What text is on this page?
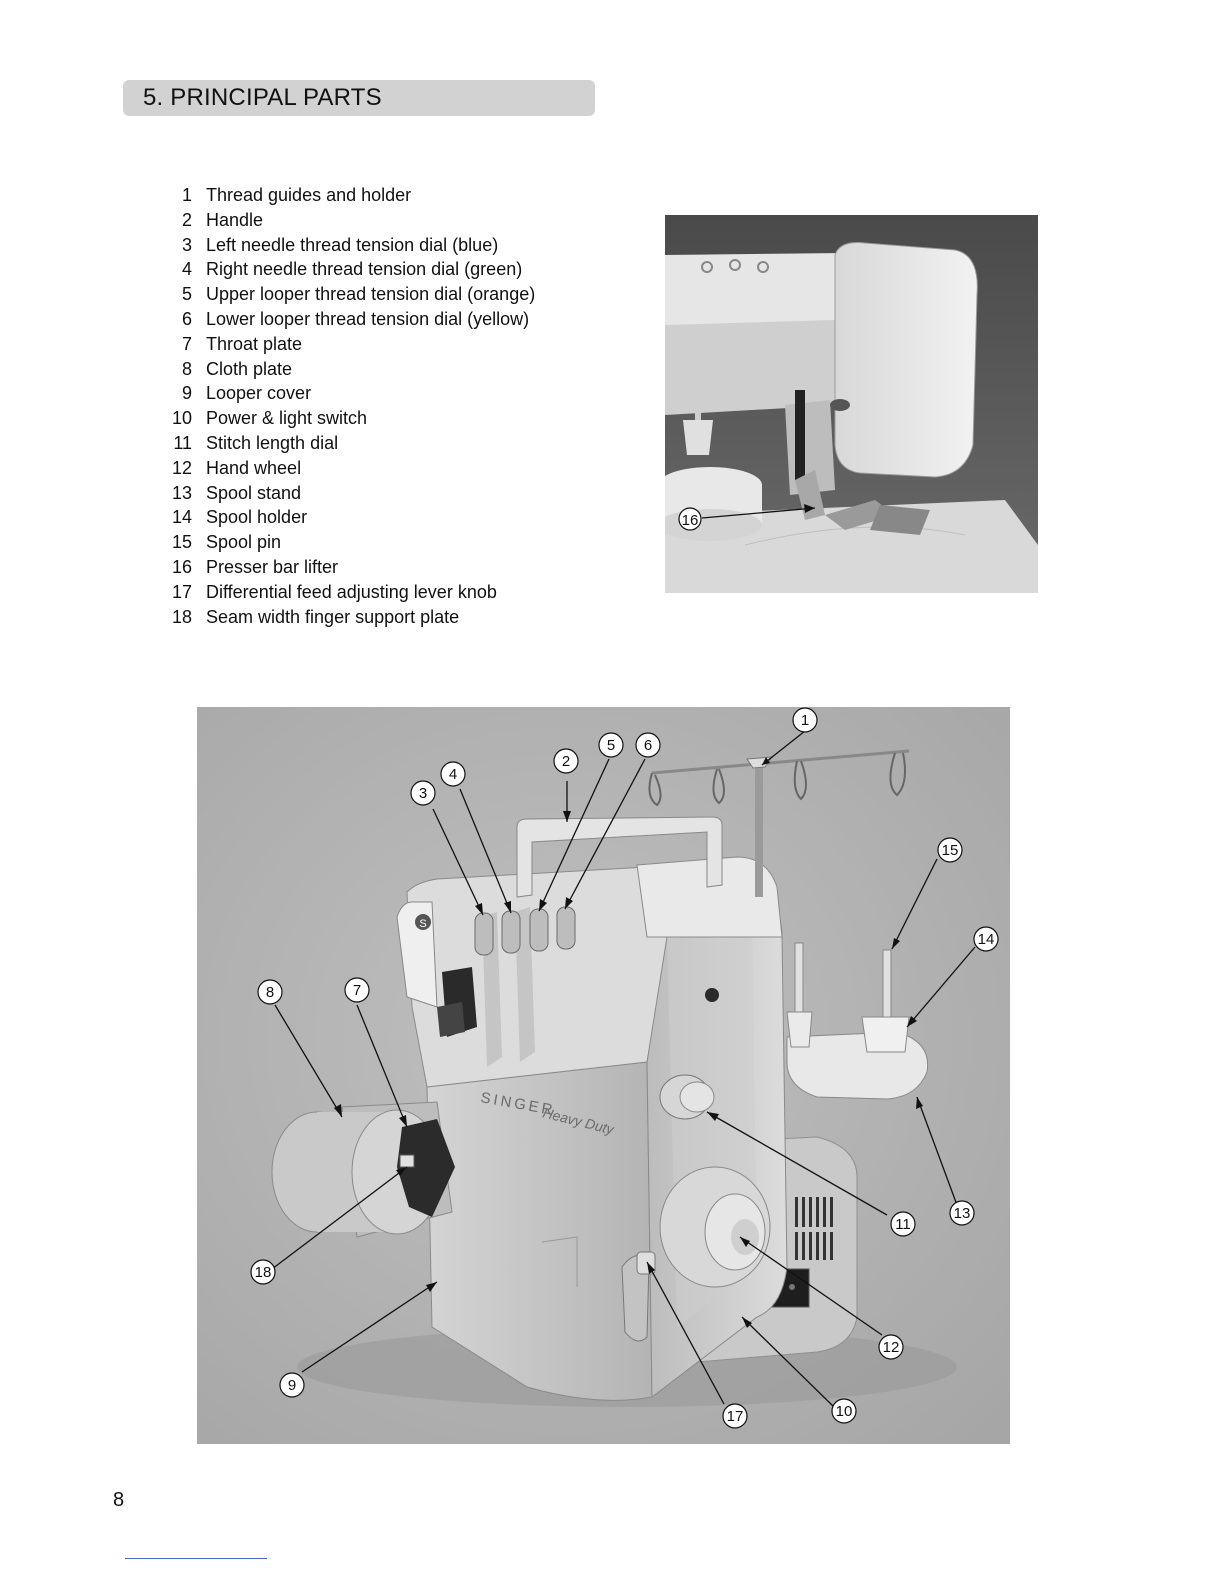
5. PRINCIPAL PARTS
1 Thread guides and holder
2 Handle
3 Left needle thread tension dial (blue)
4 Right needle thread tension dial (green)
5 Upper looper thread tension dial (orange)
6 Lower looper thread tension dial (yellow)
7 Throat plate
8 Cloth plate
9 Looper cover
10 Power & light switch
11 Stitch length dial
12 Hand wheel
13 Spool stand
14 Spool holder
15 Spool pin
16 Presser bar lifter
17 Differential feed adjusting lever knob
18 Seam width finger support plate
16
S
SINGER
Heavy Duty
1
2
3
4
5 6
7
8
9
10
11
12
13
14
15
17
18
8
